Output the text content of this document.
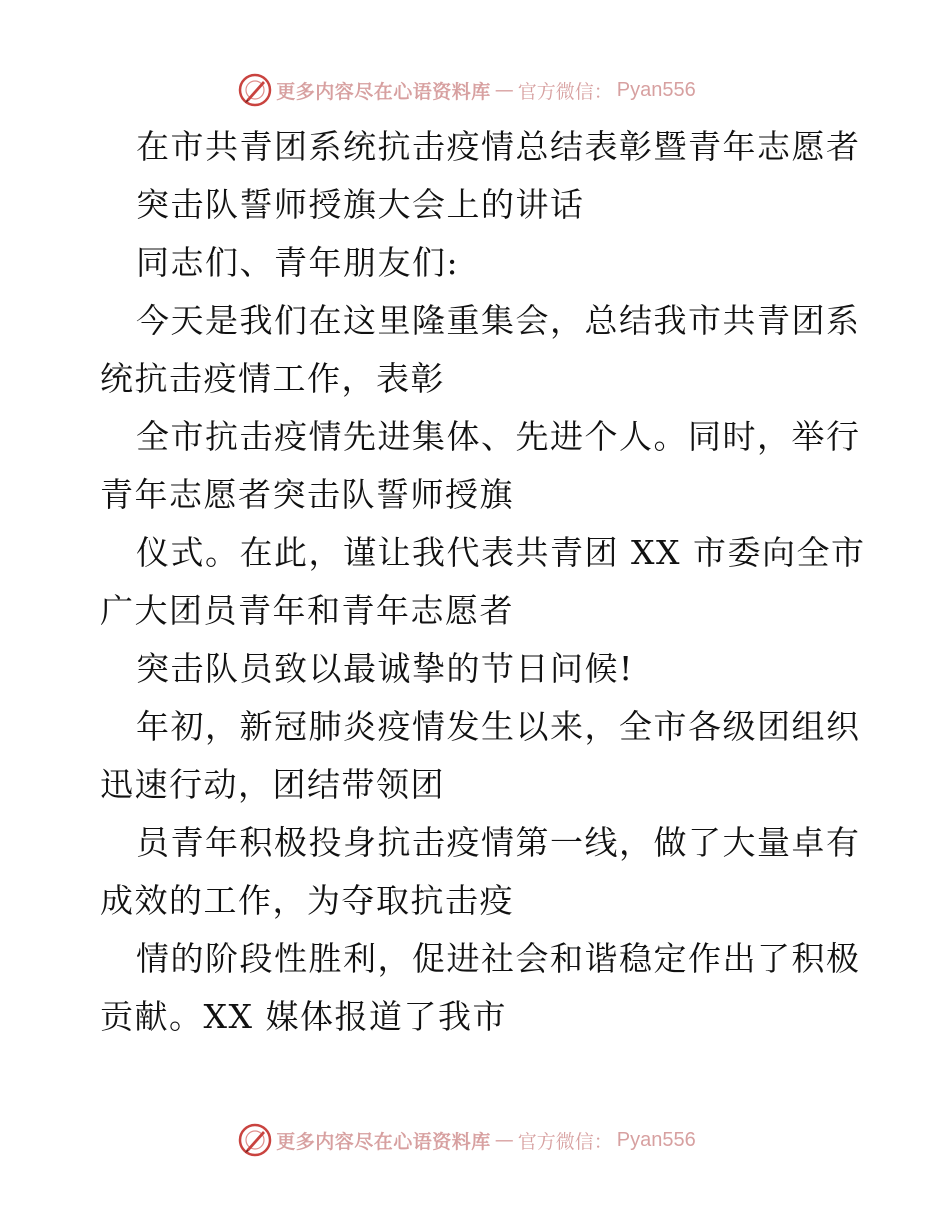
更多内容尽在心语资料库 — 官方微信： Pyan556
在市共青团系统抗击疫情总结表彰暨青年志愿者
突击队誓师授旗大会上的讲话
同志们、青年朋友们:
今天是我们在这里隆重集会，总结我市共青团系
统抗击疫情工作，表彰
全市抗击疫情先进集体、先进个人。同时，举行
青年志愿者突击队誓师授旗
仪式。在此，谨让我代表共青团 XX 市委向全市
广大团员青年和青年志愿者
突击队员致以最诚挚的节日问候!
年初，新冠肺炎疫情发生以来，全市各级团组织
迅速行动，团结带领团
员青年积极投身抗击疫情第一线，做了大量卓有
成效的工作，为夺取抗击疫
情的阶段性胜利，促进社会和谐稳定作出了积极
贡献。XX 媒体报道了我市
更多内容尽在心语资料库 — 官方微信： Pyan556
